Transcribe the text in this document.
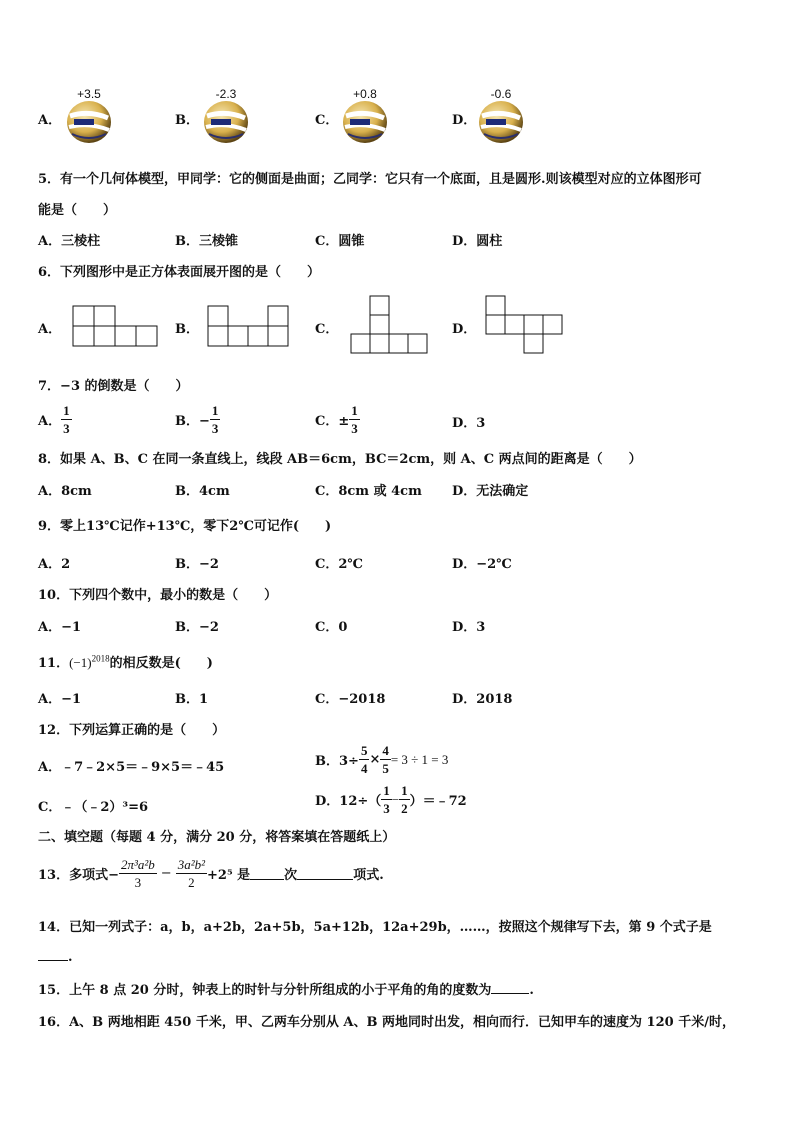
A．
+3.5
B．
-2.3
C．
+0.8
D．
-0.6
5．有一个几何体模型，甲同学：它的侧面是曲面；乙同学：它只有一个底面，且是圆形.则该模型对应的立体图形可
能是（　　）
A．三棱柱	B．三棱锥	C．圆锥	D．圆柱
6．下列图形中是正方体表面展开图的是（　　）
A．	B．	C．	D．
7．−3 的倒数是（　　）
A． $\frac{1}{3}$	B．− $\frac{1}{3}$	C．± $\frac{1}{3}$	D．3
8．如果 A、B、C 在同一条直线上，线段 AB＝6cm，BC＝2cm，则 A、C 两点间的距离是（　　）
A．8cm	B．4cm	C．8cm 或 4cm D．无法确定
9．零上13℃记作+13℃，零下2℃可记作(　　)
A．2	B．−2	C．2℃	D．−2℃
10．下列四个数中，最小的数是（　　）
A．−1	B．−2	C．0	D．3
11．$(-1)^{2018}$的相反数是(　　)
A．−1	B．1	C．−2018	D．2018
12．下列运算正确的是（　　）
A．﹣7﹣2×5＝﹣9×5＝﹣45	B．$3\div \frac{5}{4} \times \frac{4}{5} = 3 \div 1 = 3$
C．﹣（﹣2）³=6	D．$12\div( \frac{1}{3} - \frac{1}{2}$ ）＝﹣72
二、填空题（每题 4 分，满分 20 分，将答案填在答题纸上）
13．多项式− $\frac{\text{2π³a²b}}{3} - \frac{\text{3a²b²}}{2} +2^5$ 是	次	项式.
14．已知一列式子：a，b，a+2b，2a+5b，5a+12b，12a+29b，……，按照这个规律写下去，第 9 个式子是
.
15．上午 8 点 20 分时，钟表上的时针与分针所组成的小于平角的角的度数为	.
16．A、B 两地相距 450 千米，甲、乙两车分别从 A、B 两地同时出发，相向而行．已知甲车的速度为 120 千米/时，
